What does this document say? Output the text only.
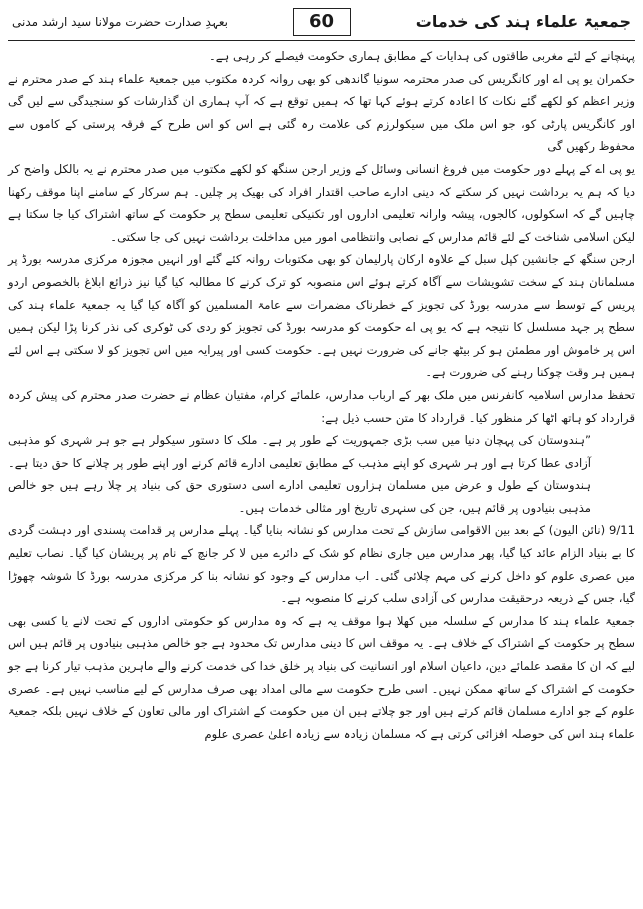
جمعیۃ علماء ہند کی خدمات
60
بعہدِ صدارت حضرت مولانا سید ارشد مدنی

پہنچانے کے لئے مغربی طاقتوں کی ہدایات کے مطابق ہماری حکومت فیصلے کر رہی ہے۔

حکمران یو پی اے اور کانگریس کی صدر محترمہ سونیا گاندھی کو بھی روانہ کردہ مکتوب میں جمعیۃ علماء ہند کے صدر محترم نے وزیر اعظم کو لکھے گئے نکات کا اعادہ کرتے ہوئے کہا تھا کہ ہمیں توقع ہے کہ آپ ہماری ان گذارشات کو سنجیدگی سے لیں گی اور کانگریس پارٹی کو، جو اس ملک میں سیکولرزم کی علامت رہ گئی ہے اس کو اس طرح کے فرقہ پرستی کے کاموں سے محفوظ رکھیں گی

یو پی اے کے پہلے دور حکومت میں فروغ انسانی وسائل کے وزیر ارجن سنگھ کو لکھے مکتوب میں صدر محترم نے یہ بالکل واضح کر دیا کہ ہم یہ برداشت نہیں کر سکتے کہ دینی ادارے صاحب اقتدار افراد کی بھیک پر چلیں۔ ہم سرکار کے سامنے اپنا موقف رکھنا چاہیں گے کہ اسکولوں، کالجوں، پیشہ وارانہ تعلیمی اداروں اور تکنیکی تعلیمی سطح پر حکومت کے ساتھ اشتراک کیا جا سکتا ہے لیکن اسلامی شناخت کے لئے قائم مدارس کے نصابی وانتظامی امور میں مداخلت برداشت نہیں کی جا سکتی۔

ارجن سنگھ کے جانشین کپل سبل کے علاوہ ارکان پارلیمان کو بھی مکتوبات روانہ کئے گئے اور انہیں مجوزہ مرکزی مدرسہ بورڈ پر مسلمانان ہند کے سخت تشویشات سے آگاہ کرتے ہوئے اس منصوبہ کو ترک کرنے کا مطالبہ کیا گیا نیز ذرائع ابلاغ بالخصوص اردو پریس کے توسط سے مدرسہ بورڈ کی تجویز کے خطرناک مضمرات سے عامۃ المسلمین کو آگاہ کیا گیا یہ جمعیۃ علماء ہند کی سطح پر جہد مسلسل کا نتیجہ ہے کہ یو پی اے حکومت کو مدرسہ بورڈ کی تجویز کو ردی کی ٹوکری کی نذر کرنا پڑا لیکن ہمیں اس پر خاموش اور مطمئن ہو کر بیٹھ جانے کی ضرورت نہیں ہے۔ حکومت کسی اور پیرایہ میں اس تجویز کو لا سکتی ہے اس لئے ہمیں ہر وقت چوکنا رہنے کی ضرورت ہے۔

تحفظ مدارس اسلامیہ کانفرنس میں ملک بھر کے ارباب مدارس، علمائے کرام، مفتیان عظام نے حضرت صدر محترم کی پیش کردہ قرارداد کو ہاتھ اٹھا کر منظور کیا۔ قرارداد کا متن حسب ذیل ہے:

”ہندوستان کی پہچان دنیا میں سب بڑی جمہوریت کے طور پر ہے۔ ملک کا دستور سیکولر ہے جو ہر شہری کو مذہبی آزادی عطا کرتا ہے اور ہر شہری کو اپنے مذہب کے مطابق تعلیمی ادارے قائم کرنے اور اپنے طور پر چلانے کا حق دیتا ہے۔ ہندوستان کے طول و عرض میں مسلمان ہزاروں تعلیمی ادارے اسی دستوری حق کی بنیاد پر چلا رہے ہیں جو خالص مذہبی بنیادوں پر قائم ہیں، جن کی سنہری تاریخ اور مثالی خدمات ہیں۔

9/11 (نائن الیون) کے بعد بین الاقوامی سازش کے تحت مدارس کو نشانہ بنایا گیا۔ پہلے مدارس پر قدامت پسندی اور دہشت گردی کا بے بنیاد الزام عائد کیا گیا، پھر مدارس میں جاری نظام کو شک کے دائرے میں لا کر جانچ کے نام پر پریشان کیا گیا۔ نصاب تعلیم میں عصری علوم کو داخل کرنے کی مہم چلائی گئی۔ اب مدارس کے وجود کو نشانہ بنا کر مرکزی مدرسہ بورڈ کا شوشہ چھوڑا گیا، جس کے ذریعہ درحقیقت مدارس کی آزادی سلب کرنے کا منصوبہ ہے۔

جمعیۃ علماء ہند کا مدارس کے سلسلہ میں کھلا ہوا موقف یہ ہے کہ وہ مدارس کو حکومتی اداروں کے تحت لانے یا کسی بھی سطح پر حکومت کے اشتراک کے خلاف ہے۔ یہ موقف اس کا دینی مدارس تک محدود ہے جو خالص مذہبی بنیادوں پر قائم ہیں اس لیے کہ ان کا مقصد علمائے دین، داعیان اسلام اور انسانیت کی بنیاد پر خلق خدا کی خدمت کرنے والے ماہرین مذہب تیار کرنا ہے جو حکومت کے اشتراک کے ساتھ ممکن نہیں۔ اسی طرح حکومت سے مالی امداد بھی صرف مدارس کے لیے مناسب نہیں ہے۔ عصری علوم کے جو ادارے مسلمان قائم کرتے ہیں اور جو چلاتے ہیں ان میں حکومت کے اشتراک اور مالی تعاون کے خلاف نہیں بلکہ جمعیۃ علماء ہند اس کی حوصلہ افزائی کرتی ہے کہ مسلمان زیادہ سے زیادہ اعلیٰ عصری علوم
